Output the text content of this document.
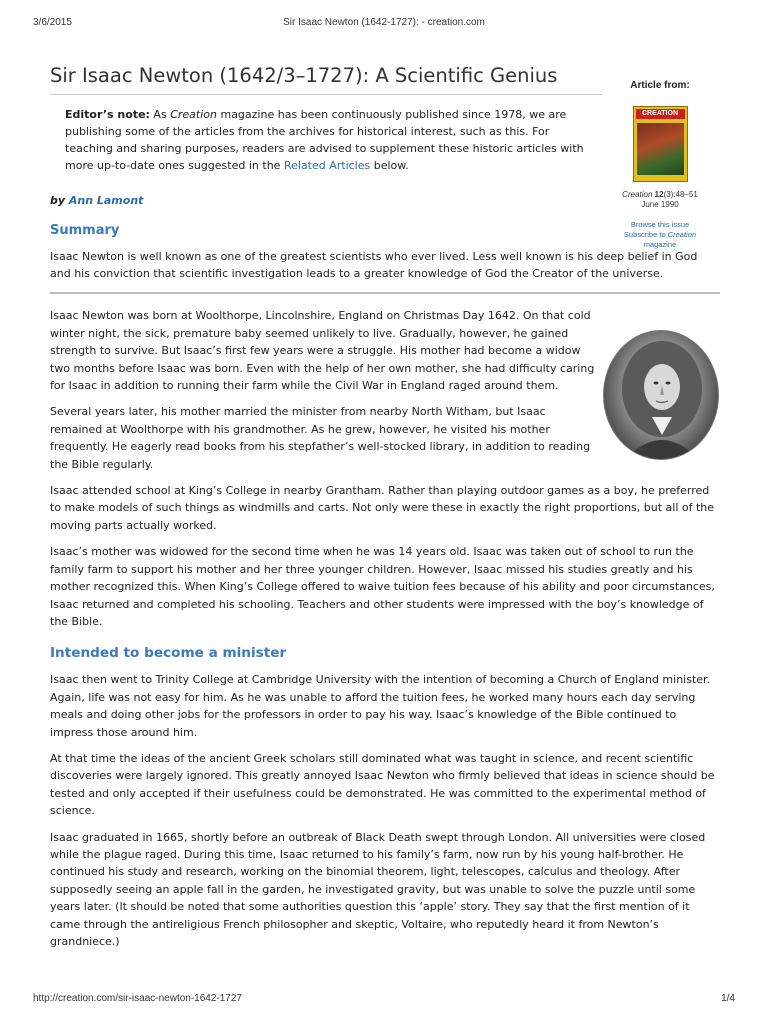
3/6/2015	Sir Isaac Newton (1642-1727): - creation.com
Sir Isaac Newton (1642/3–1727): A Scientific Genius

Editor’s note: As Creation magazine has been continuously published since 1978, we are publishing some of the articles from the archives for historical interest, such as this. For teaching and sharing purposes, readers are advised to supplement these historic articles with more up-to-date ones suggested in the Related Articles below.

by Ann Lamont
Summary

Isaac Newton is well known as one of the greatest scientists who ever lived. Less well known is his deep belief in God and his conviction that scientific investigation leads to a greater knowledge of God the Creator of the universe.

Isaac Newton was born at Woolthorpe, Lincolnshire, England on Christmas Day 1642. On that cold winter night, the sick, premature baby seemed unlikely to live. Gradually, however, he gained strength to survive. But Isaac’s first few years were a struggle. His mother had become a widow two months before Isaac was born. Even with the help of her own mother, she had difficulty caring for Isaac in addition to running their farm while the Civil War in England raged around them.

Several years later, his mother married the minister from nearby North Witham, but Isaac remained at Woolthorpe with his grandmother. As he grew, however, he visited his mother frequently. He eagerly read books from his stepfather’s well-stocked library, in addition to reading the Bible regularly.

Isaac attended school at King’s College in nearby Grantham. Rather than playing outdoor games as a boy, he preferred to make models of such things as windmills and carts. Not only were these in exactly the right proportions, but all of the moving parts actually worked.

Isaac’s mother was widowed for the second time when he was 14 years old. Isaac was taken out of school to run the family farm to support his mother and her three younger children. However, Isaac missed his studies greatly and his mother recognized this. When King’s College offered to waive tuition fees because of his ability and poor circumstances, Isaac returned and completed his schooling. Teachers and other students were impressed with the boy’s knowledge of the Bible.

Intended to become a minister

Isaac then went to Trinity College at Cambridge University with the intention of becoming a Church of England minister. Again, life was not easy for him. As he was unable to afford the tuition fees, he worked many hours each day serving meals and doing other jobs for the professors in order to pay his way. Isaac’s knowledge of the Bible continued to impress those around him.

At that time the ideas of the ancient Greek scholars still dominated what was taught in science, and recent scientific discoveries were largely ignored. This greatly annoyed Isaac Newton who firmly believed that ideas in science should be tested and only accepted if their usefulness could be demonstrated. He was committed to the experimental method of science.

Isaac graduated in 1665, shortly before an outbreak of Black Death swept through London. All universities were closed while the plague raged. During this time, Isaac returned to his family’s farm, now run by his young half-brother. He continued his study and research, working on the binomial theorem, light, telescopes, calculus and theology. After supposedly seeing an apple fall in the garden, he investigated gravity, but was unable to solve the puzzle until some years later. (It should be noted that some authorities question this ‘apple’ story. They say that the first mention of it came through the antireligious French philosopher and skeptic, Voltaire, who reputedly heard it from Newton’s grandniece.)

Article from:
CREATION
Creation 12(3):48–51
June 1990
Browse this issue
Subscribe to Creation
magazine
http://creation.com/sir-isaac-newton-1642-1727	1/4
